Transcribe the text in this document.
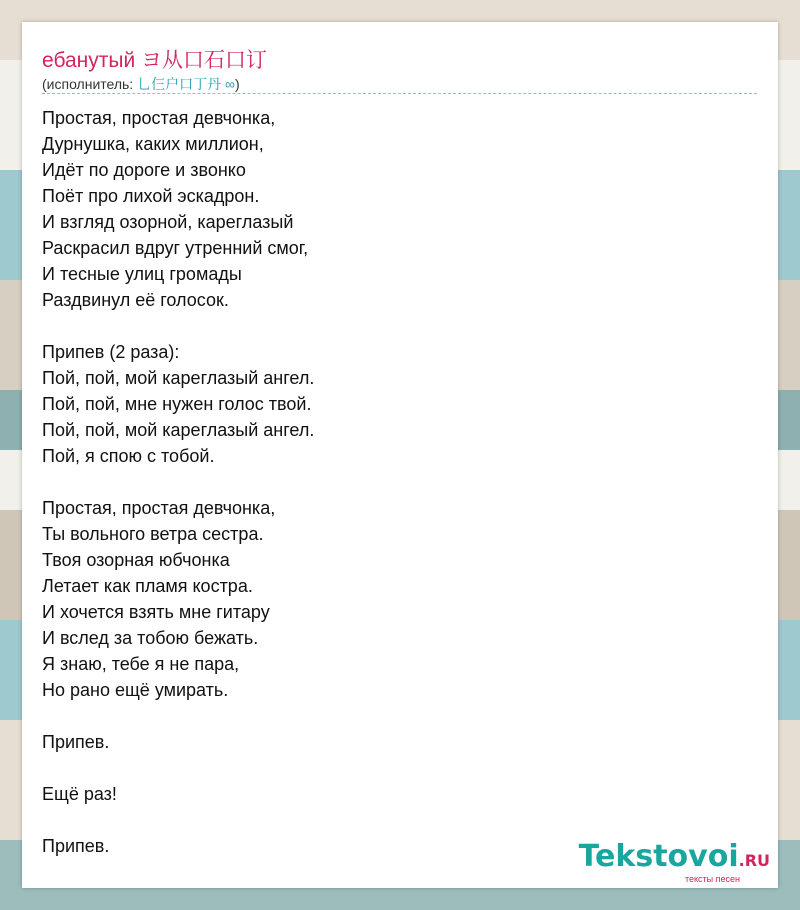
ебанутый ヨ从口石口订
(исполнитель: 乚仨户口丁丹 ∞)
Простая, простая девчонка,
Дурнушка, каких миллион,
Идёт по дороге и звонко
Поёт про лихой эскадрон.
И взгляд озорной, кареглазый
Раскрасил вдруг утренний смог,
И тесные улиц громады
Раздвинул её голосок.
Припев (2 раза):
Пой, пой, мой кареглазый ангел.
Пой, пой, мне нужен голос твой.
Пой, пой, мой кареглазый ангел.
Пой, я спою с тобой.
Простая, простая девчонка,
Ты вольного ветра сестра.
Твоя озорная юбчонка
Летает как пламя костра.
И хочется взять мне гитару
И вслед за тобою бежать.
Я знаю, тебе я не пара,
Но рано ещё умирать.
Припев.
Ещё раз!
Припев.	Tekstovoi.RU
тексты песен
